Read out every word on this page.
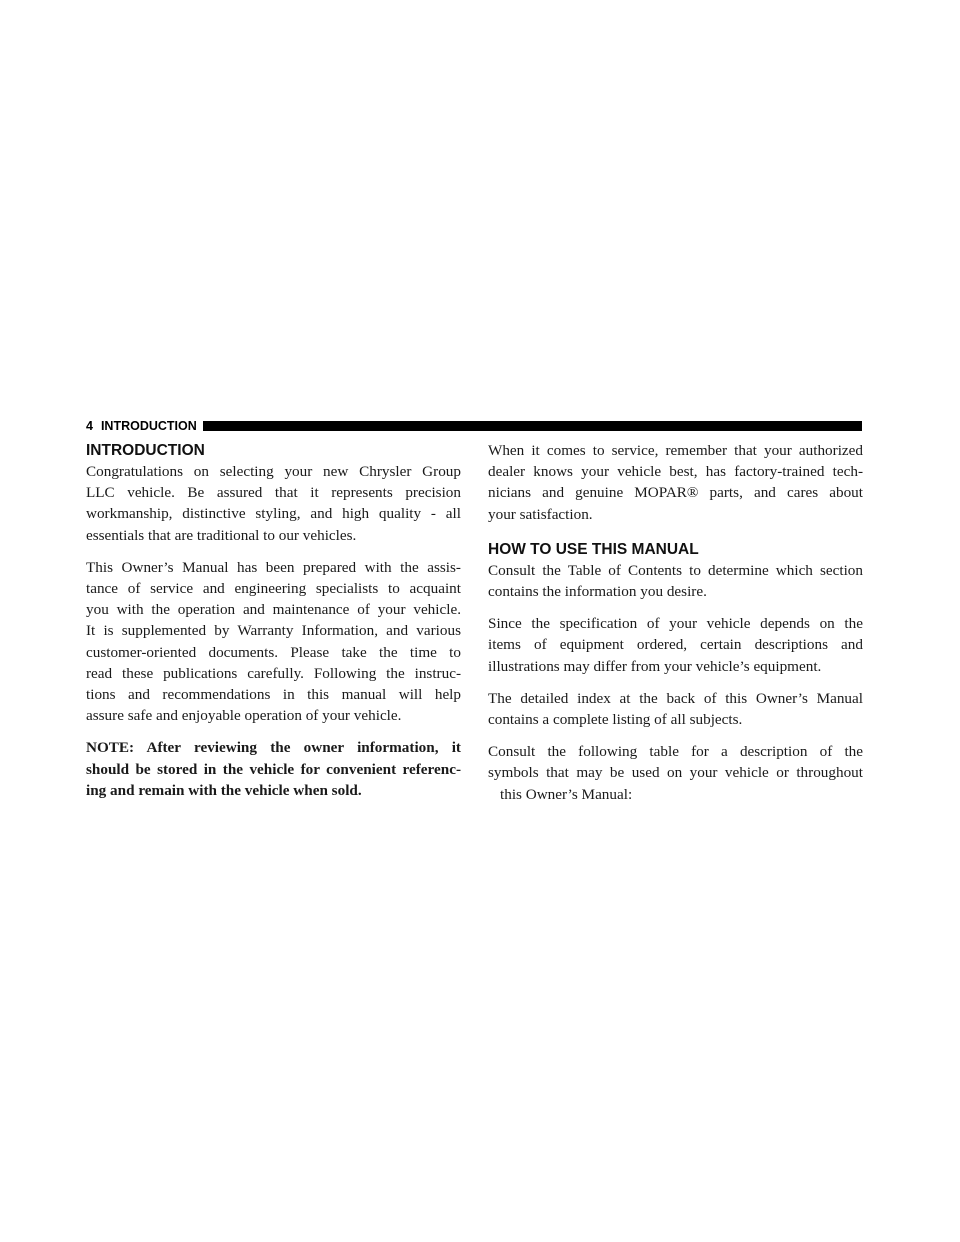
4 INTRODUCTION
INTRODUCTION

Congratulations on selecting your new Chrysler Group
LLC vehicle. Be assured that it represents precision
workmanship, distinctive styling, and high quality - all
essentials that are traditional to our vehicles.

This Owner’s Manual has been prepared with the assis-
tance of service and engineering specialists to acquaint
you with the operation and maintenance of your vehicle.
It is supplemented by Warranty Information, and various
customer-oriented documents. Please take the time to
read these publications carefully. Following the instruc-
tions and recommendations in this manual will help
assure safe and enjoyable operation of your vehicle.

NOTE: After reviewing the owner information, it
should be stored in the vehicle for convenient referenc-
ing and remain with the vehicle when sold.

When it comes to service, remember that your authorized
dealer knows your vehicle best, has factory-trained tech-
nicians and genuine MOPAR® parts, and cares about
your satisfaction.

HOW TO USE THIS MANUAL

Consult the Table of Contents to determine which section
contains the information you desire.

Since the specification of your vehicle depends on the
items of equipment ordered, certain descriptions and
illustrations may differ from your vehicle’s equipment.

The detailed index at the back of this Owner’s Manual
contains a complete listing of all subjects.

Consult the following table for a description of the
symbols that may be used on your vehicle or throughout
this Owner’s Manual:
